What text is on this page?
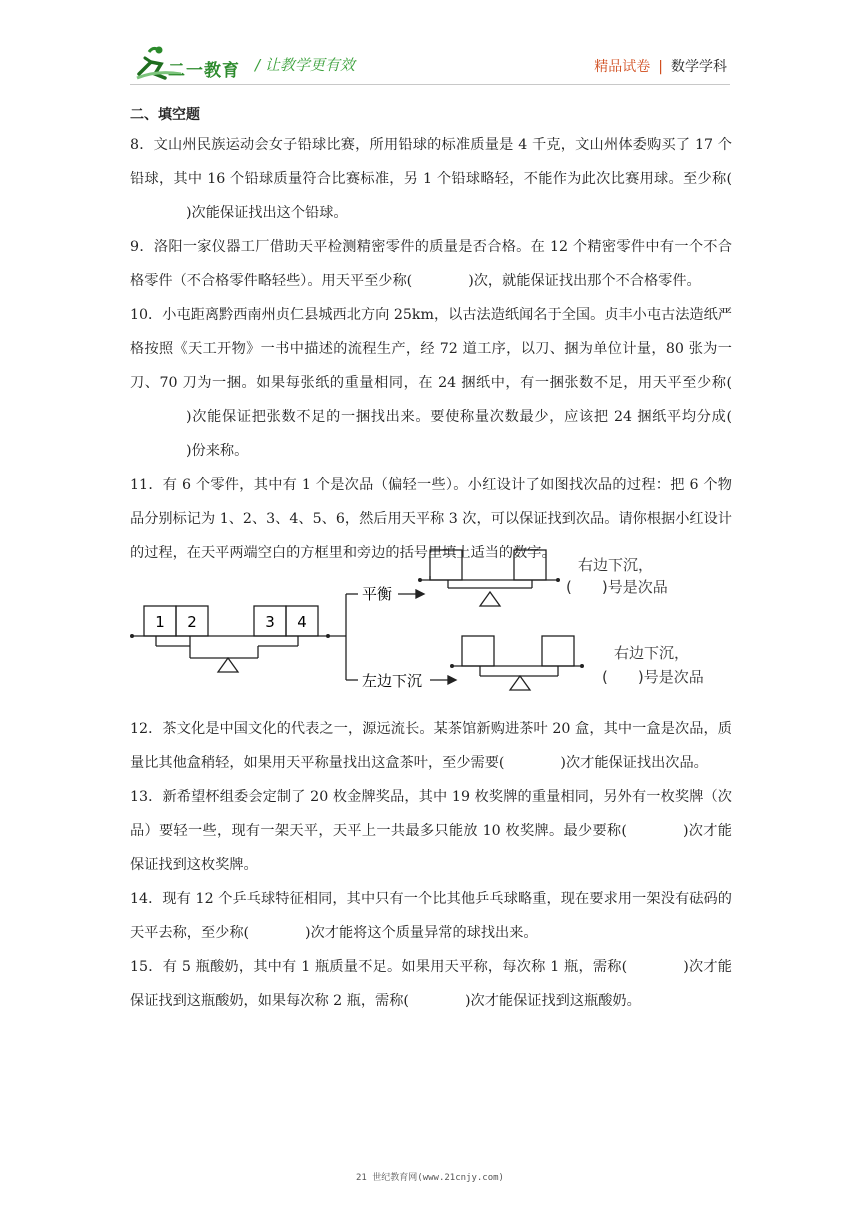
二一教育 / 让教学更有效	精品试卷 | 数学学科
二、填空题

8．文山州民族运动会女子铅球比赛，所用铅球的标准质量是 4 千克，文山州体委购买了 17 个铅球，其中 16 个铅球质量符合比赛标准，另 1 个铅球略轻，不能作为此次比赛用球。至少称()次能保证找出这个铅球。

9．洛阳一家仪器工厂借助天平检测精密零件的质量是否合格。在 12 个精密零件中有一个不合格零件（不合格零件略轻些）。用天平至少称(	)次，就能保证找出那个不合格零件。

10．小屯距离黔西南州贞仁县城西北方向 25km，以古法造纸闻名于全国。贞丰小屯古法造纸严格按照《天工开物》一书中描述的流程生产，经 72 道工序，以刀、捆为单位计量，80 张为一刀、70 刀为一捆。如果每张纸的重量相同，在 24 捆纸中，有一捆张数不足，用天平至少称()次能保证把张数不足的一捆找出来。要使称量次数最少，应该把 24 捆纸平均分成()份来称。

11．有 6 个零件，其中有 1 个是次品（偏轻一些）。小红设计了如图找次品的过程：把 6 个物品分别标记为 1、2、3、4、5、6，然后用天平称 3 次，可以保证找到次品。请你根据小红设计的过程，在天平两端空白的方框里和旁边的括号里填上适当的数字。

1 2	3 4
平衡
左边下沉
右边下沉，
(　　)号是次品
右边下沉，
(　　)号是次品

12．茶文化是中国文化的代表之一，源远流长。某茶馆新购进茶叶 20 盒，其中一盒是次品，质量比其他盒稍轻，如果用天平称量找出这盒茶叶，至少需要(	)次才能保证找出次品。

13．新希望杯组委会定制了 20 枚金牌奖品，其中 19 枚奖牌的重量相同，另外有一枚奖牌（次品）要轻一些，现有一架天平，天平上一共最多只能放 10 枚奖牌。最少要称(	)次才能保证找到这枚奖牌。

14．现有 12 个乒乓球特征相同，其中只有一个比其他乒乓球略重，现在要求用一架没有砝码的天平去称，至少称(	)次才能将这个质量异常的球找出来。

15．有 5 瓶酸奶，其中有 1 瓶质量不足。如果用天平称，每次称 1 瓶，需称(	)次才能保证找到这瓶酸奶，如果每次称 2 瓶，需称(	)次才能保证找到这瓶酸奶。

21 世纪教育网(www.21cnjy.com)
